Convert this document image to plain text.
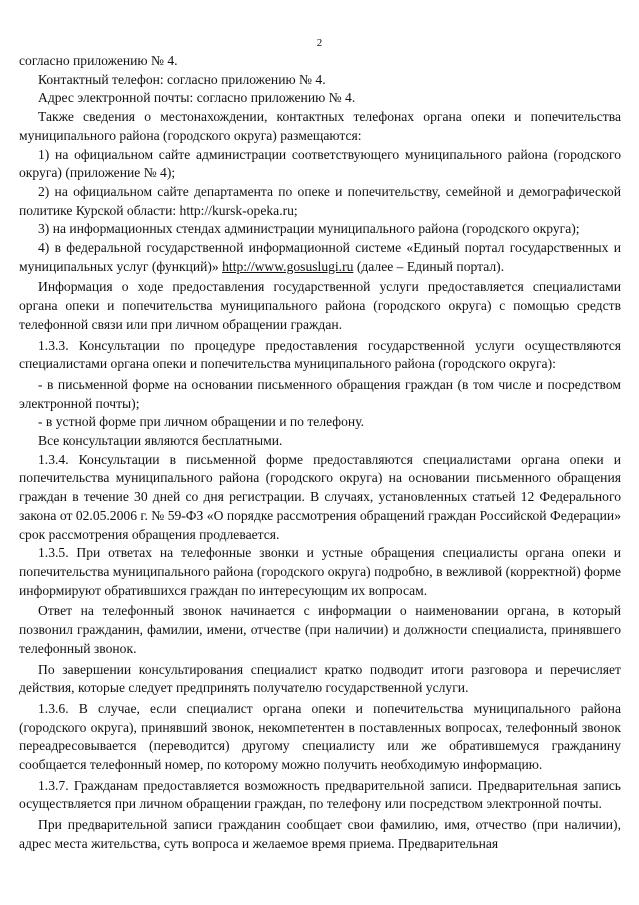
2

согласно приложению № 4.

Контактный телефон: согласно приложению № 4.

Адрес электронной почты: согласно приложению № 4.

Также сведения о местонахождении, контактных телефонах органа опеки и попечительства муниципального района (городского округа) размещаются:

1) на официальном сайте администрации соответствующего муниципального района (городского округа) (приложение № 4);

2) на официальном сайте департамента по опеке и попечительству, семейной и демографической политике Курской области: http://kursk-opeka.ru;

3) на информационных стендах администрации муниципального района (городского округа);

4) в федеральной государственной информационной системе «Единый портал государственных и муниципальных услуг (функций)» http://www.gosuslugi.ru (далее – Единый портал).

Информация о ходе предоставления государственной услуги предоставляется специалистами органа опеки и попечительства муниципального района (городского округа) с помощью средств телефонной связи или при личном обращении граждан.

1.3.3. Консультации по процедуре предоставления государственной услуги осуществляются специалистами органа опеки и попечительства муниципального района (городского округа):

- в письменной форме на основании письменного обращения граждан (в том числе и посредством электронной почты);

- в устной форме при личном обращении и по телефону.

Все консультации являются бесплатными.

1.3.4. Консультации в письменной форме предоставляются специалистами органа опеки и попечительства муниципального района (городского округа) на основании письменного обращения граждан в течение 30 дней со дня регистрации. В случаях, установленных статьей 12 Федерального закона от 02.05.2006 г. № 59-ФЗ «О порядке рассмотрения обращений граждан Российской Федерации» срок рассмотрения обращения продлевается.

1.3.5. При ответах на телефонные звонки и устные обращения специалисты органа опеки и попечительства муниципального района (городского округа) подробно, в вежливой (корректной) форме информируют обратившихся граждан по интересующим их вопросам.

Ответ на телефонный звонок начинается с информации о наименовании органа, в который позвонил гражданин, фамилии, имени, отчестве (при наличии) и должности специалиста, принявшего телефонный звонок.

По завершении консультирования специалист кратко подводит итоги разговора и перечисляет действия, которые следует предпринять получателю государственной услуги.

1.3.6. В случае, если специалист органа опеки и попечительства муниципального района (городского округа), принявший звонок, некомпетентен в поставленных вопросах, телефонный звонок переадресовывается (переводится) другому специалисту или же обратившемуся гражданину сообщается телефонный номер, по которому можно получить необходимую информацию.

1.3.7. Гражданам предоставляется возможность предварительной записи. Предварительная запись осуществляется при личном обращении граждан, по телефону или посредством электронной почты.

При предварительной записи гражданин сообщает свои фамилию, имя, отчество (при наличии), адрес места жительства, суть вопроса и желаемое время приема. Предварительная
